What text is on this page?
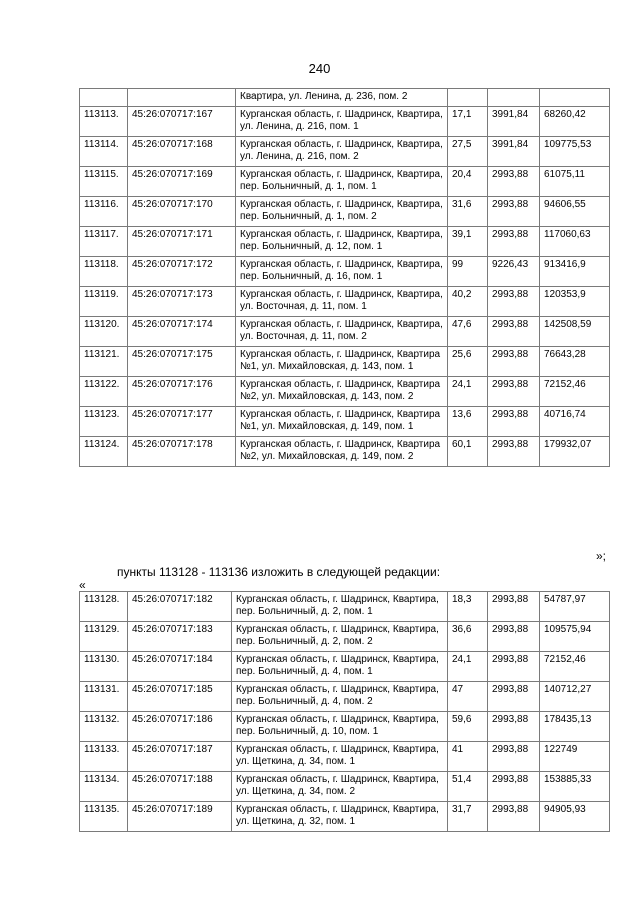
240
		Квартира, ул. Ленина, д. 236, пом. 2			
113113.	45:26:070717:167	Курганская область, г. Шадринск, Квартира, ул. Ленина, д. 216, пом. 1	17,1	3991,84	68260,42
113114.	45:26:070717:168	Курганская область, г. Шадринск, Квартира, ул. Ленина, д. 216, пом. 2	27,5	3991,84	109775,53
113115.	45:26:070717:169	Курганская область, г. Шадринск, Квартира, пер. Больничный, д. 1, пом. 1	20,4	2993,88	61075,11
113116.	45:26:070717:170	Курганская область, г. Шадринск, Квартира, пер. Больничный, д. 1, пом. 2	31,6	2993,88	94606,55
113117.	45:26:070717:171	Курганская область, г. Шадринск, Квартира, пер. Больничный, д. 12, пом. 1	39,1	2993,88	117060,63
113118.	45:26:070717:172	Курганская область, г. Шадринск, Квартира, пер. Больничный, д. 16, пом. 1	99	9226,43	913416,9
113119.	45:26:070717:173	Курганская область, г. Шадринск, Квартира, ул. Восточная, д. 11, пом. 1	40,2	2993,88	120353,9
113120.	45:26:070717:174	Курганская область, г. Шадринск, Квартира, ул. Восточная, д. 11, пом. 2	47,6	2993,88	142508,59
113121.	45:26:070717:175	Курганская область, г. Шадринск, Квартира №1, ул. Михайловская, д. 143, пом. 1	25,6	2993,88	76643,28
113122.	45:26:070717:176	Курганская область, г. Шадринск, Квартира №2, ул. Михайловская, д. 143, пом. 2	24,1	2993,88	72152,46
113123.	45:26:070717:177	Курганская область, г. Шадринск, Квартира №1, ул. Михайловская, д. 149, пом. 1	13,6	2993,88	40716,74
113124.	45:26:070717:178	Курганская область, г. Шадринск, Квартира №2, ул. Михайловская, д. 149, пом. 2	60,1	2993,88	179932,07
»;
пункты 113128 - 113136 изложить в следующей редакции:
«
113128.	45:26:070717:182	Курганская область, г. Шадринск, Квартира, пер. Больничный, д. 2, пом. 1	18,3	2993,88	54787,97
113129.	45:26:070717:183	Курганская область, г. Шадринск, Квартира, пер. Больничный, д. 2, пом. 2	36,6	2993,88	109575,94
113130.	45:26:070717:184	Курганская область, г. Шадринск, Квартира, пер. Больничный, д. 4, пом. 1	24,1	2993,88	72152,46
113131.	45:26:070717:185	Курганская область, г. Шадринск, Квартира, пер. Больничный, д. 4, пом. 2	47	2993,88	140712,27
113132.	45:26:070717:186	Курганская область, г. Шадринск, Квартира, пер. Больничный, д. 10, пом. 1	59,6	2993,88	178435,13
113133.	45:26:070717:187	Курганская область, г. Шадринск, Квартира, ул. Щеткина, д. 34, пом. 1	41	2993,88	122749
113134.	45:26:070717:188	Курганская область, г. Шадринск, Квартира, ул. Щеткина, д. 34, пом. 2	51,4	2993,88	153885,33
113135.	45:26:070717:189	Курганская область, г. Шадринск, Квартира, ул. Щеткина, д. 32, пом. 1	31,7	2993,88	94905,93
